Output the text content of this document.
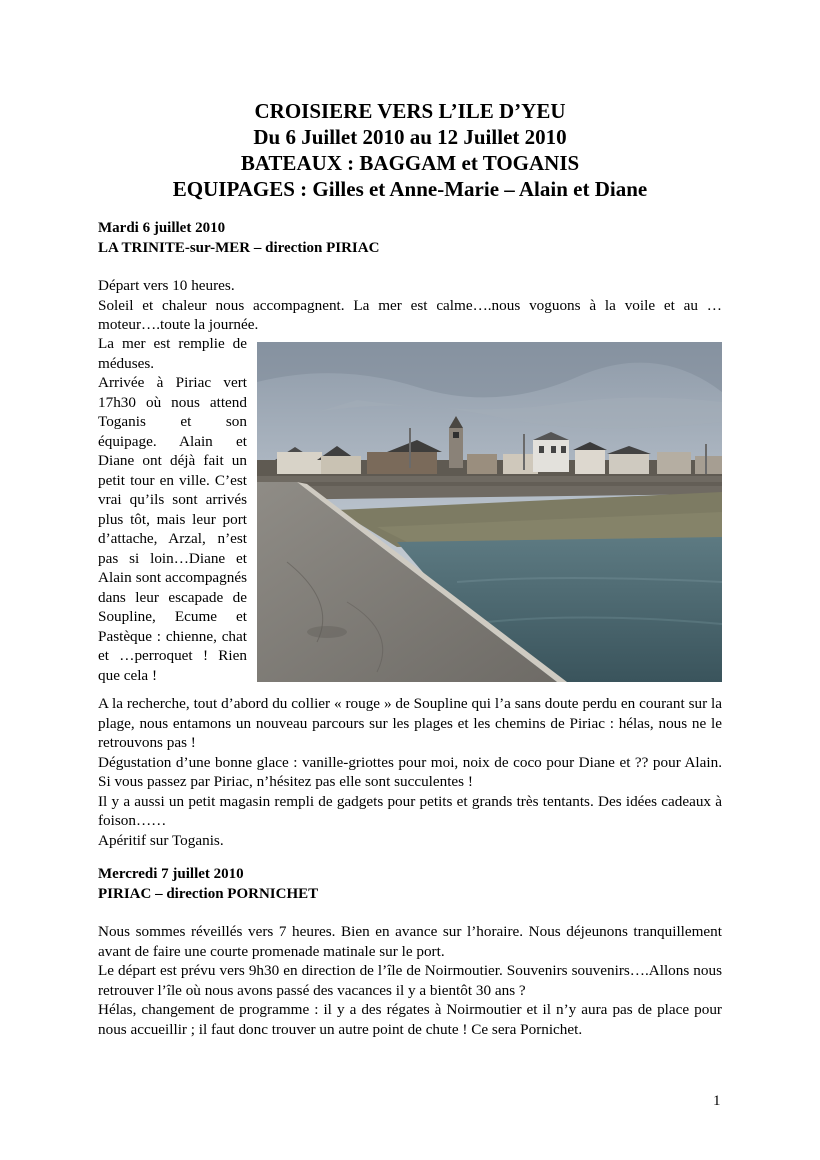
CROISIERE VERS L’ILE D’YEU
Du 6 Juillet 2010 au 12 Juillet 2010
BATEAUX : BAGGAM et TOGANIS
EQUIPAGES : Gilles et Anne-Marie – Alain et Diane
Mardi 6 juillet 2010
LA TRINITE-sur-MER – direction PIRIAC

Départ vers 10 heures.

Soleil et chaleur nous accompagnent. La mer est calme….nous voguons à la voile et au … moteur….toute la journée.

La mer est remplie de méduses.

Arrivée à Piriac vert 17h30 où nous attend Toganis et son équipage. Alain et Diane ont déjà fait un petit tour en ville. C’est vrai qu’ils sont arrivés plus tôt, mais leur port d’attache, Arzal, n’est pas si loin…Diane et Alain sont accompagnés dans leur escapade de Soupline, Ecume et Pastèque : chienne, chat et …perroquet ! Rien que cela !

A la recherche, tout d’abord du collier « rouge » de Soupline qui l’a sans doute perdu en courant sur la plage, nous entamons un nouveau parcours sur les plages et les chemins de Piriac : hélas, nous ne le retrouvons pas !

Dégustation d’une bonne glace : vanille-griottes pour moi, noix de coco pour Diane et ?? pour Alain. Si vous passez par Piriac, n’hésitez pas elle sont succulentes !

Il y a aussi un petit magasin rempli de gadgets pour petits et grands très tentants. Des idées cadeaux à foison……

Apéritif sur Toganis.

Mercredi 7 juillet 2010
PIRIAC – direction PORNICHET

Nous sommes réveillés vers 7 heures. Bien en avance sur l’horaire. Nous déjeunons tranquillement avant de faire une courte promenade matinale sur le port.

Le départ est prévu vers 9h30 en direction de l’île de Noirmoutier. Souvenirs souvenirs….Allons nous retrouver l’île où nous avons passé des vacances il y a bientôt 30 ans ?

Hélas, changement de programme : il y a des régates à Noirmoutier et il n’y aura pas de place pour nous accueillir ; il faut donc trouver un autre point de chute ! Ce sera Pornichet.

1
